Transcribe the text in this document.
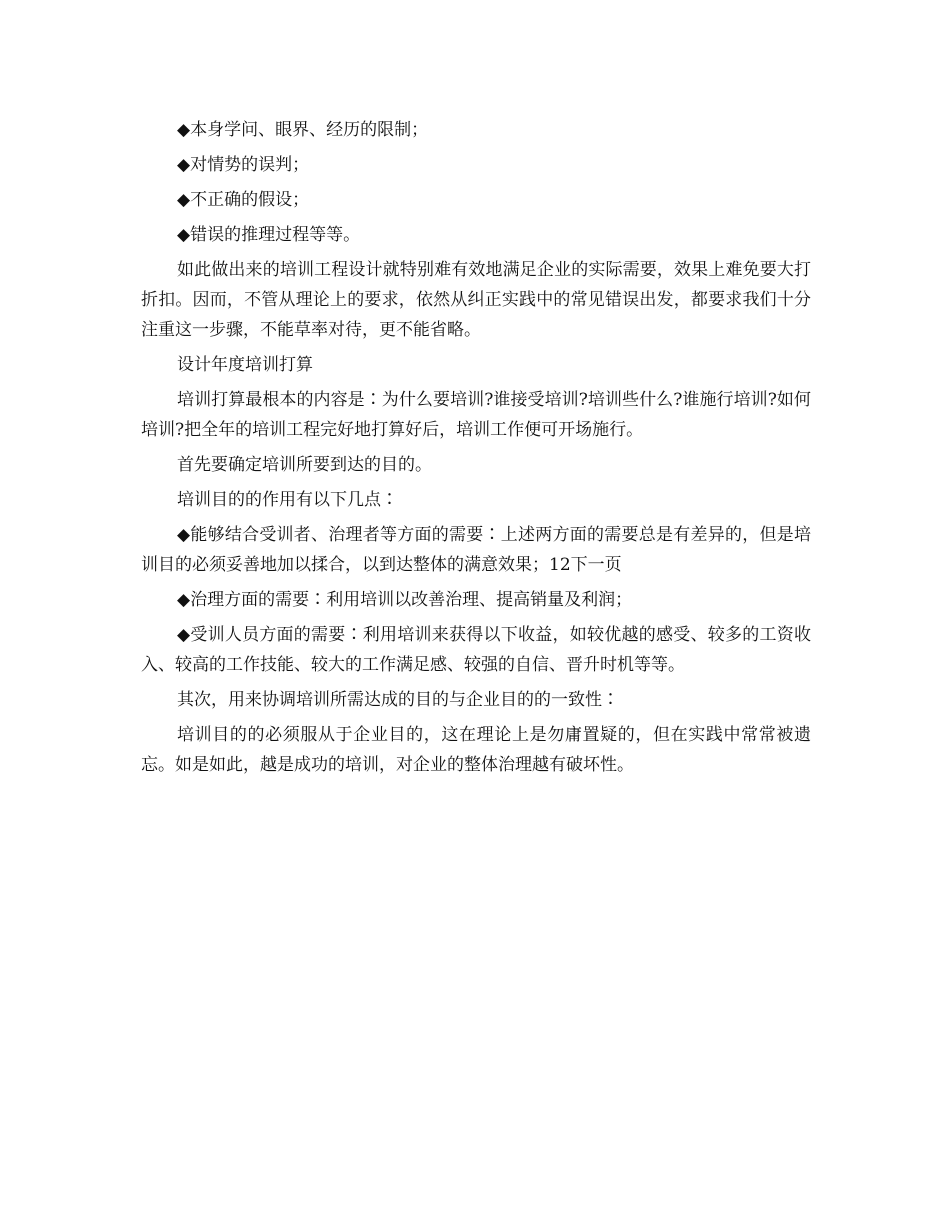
◆本身学问、眼界、经历的限制；

◆对情势的误判；

◆不正确的假设；

◆错误的推理过程等等。

如此做出来的培训工程设计就特别难有效地满足企业的实际需要，效果上难免要大打折扣。因而，不管从理论上的要求，依然从纠正实践中的常见错误出发，都要求我们十分注重这一步骤，不能草率对待，更不能省略。

设计年度培训打算

培训打算最根本的内容是∶为什么要培训?谁接受培训?培训些什么?谁施行培训?如何培训?把全年的培训工程完好地打算好后，培训工作便可开场施行。

首先要确定培训所要到达的目的。

培训目的的作用有以下几点∶

◆能够结合受训者、治理者等方面的需要∶上述两方面的需要总是有差异的，但是培训目的必须妥善地加以揉合，以到达整体的满意效果；12下一页

◆治理方面的需要∶利用培训以改善治理、提高销量及利润；

◆受训人员方面的需要∶利用培训来获得以下收益，如较优越的感受、较多的工资收入、较高的工作技能、较大的工作满足感、较强的自信、晋升时机等等。

其次，用来协调培训所需达成的目的与企业目的的一致性∶

培训目的的必须服从于企业目的，这在理论上是勿庸置疑的，但在实践中常常被遗忘。如是如此，越是成功的培训，对企业的整体治理越有破坏性。
